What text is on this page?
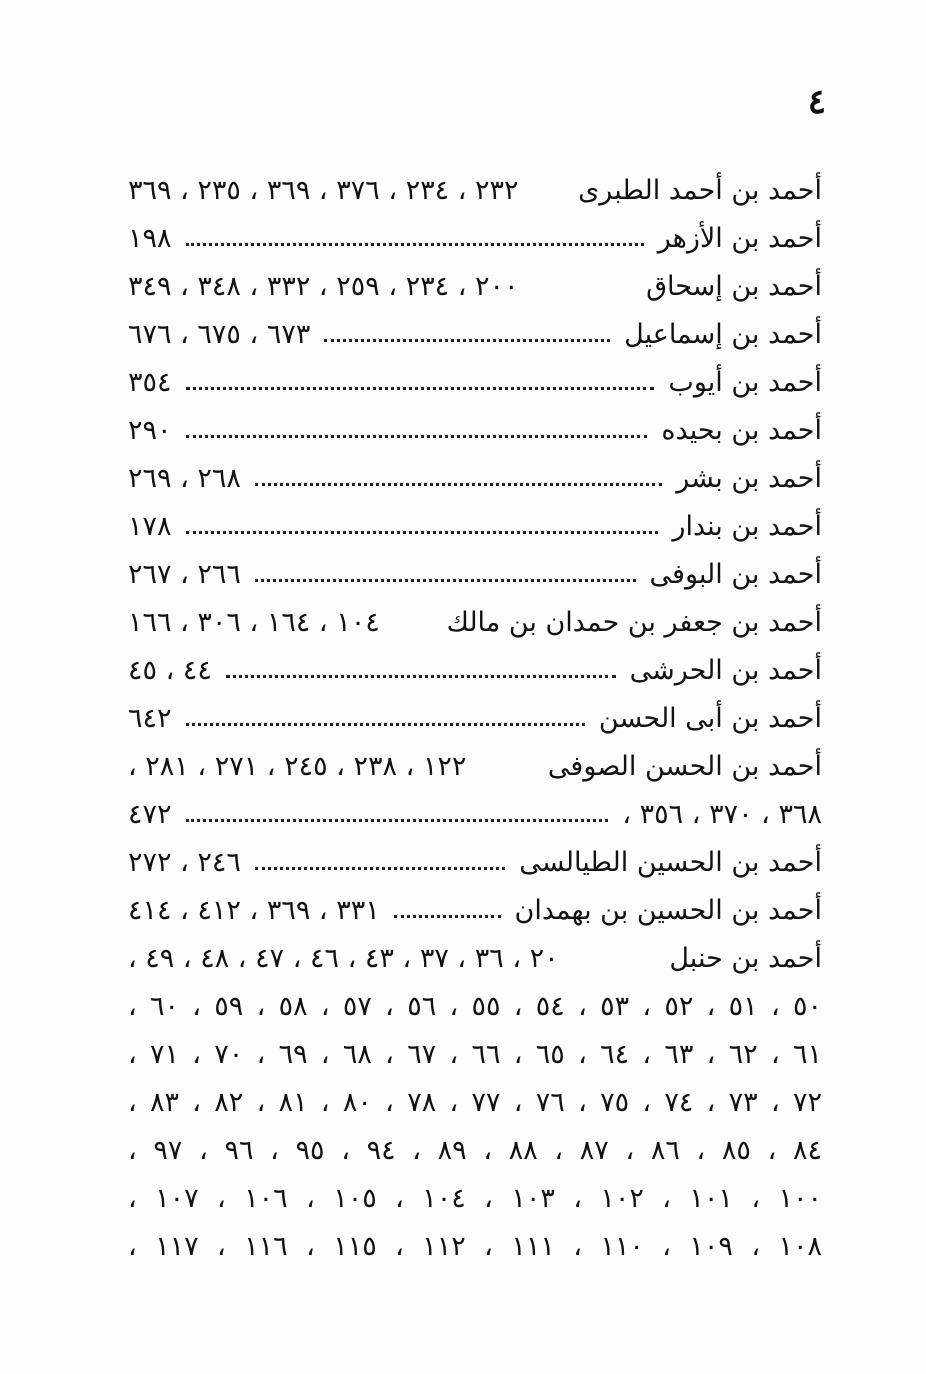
٤
أحمد بن أحمد الطبرى
٢٣٢ ، ٢٣٤ ، ٣٧٦ ، ٣٦٩ ، ٢٣٥ ، ٣٦٩
أحمد بن الأزهر
١٩٨
أحمد بن إسحاق
٢٠٠ ، ٢٣٤ ، ٢٥٩ ، ٣٣٢ ، ٣٤٨ ، ٣٤٩
أحمد بن إسماعيل
٦٧٣ ، ٦٧٥ ، ٦٧٦
أحمد بن أيوب
٣٥٤
أحمد بن بحيده
٢٩٠
أحمد بن بشر
٢٦٨ ، ٢٦٩
أحمد بن بندار
١٧٨
أحمد بن البوفى
٢٦٦ ، ٢٦٧
أحمد بن جعفر بن حمدان بن مالك
١٠٤ ، ١٦٤ ، ٣٠٦ ، ١٦٦
أحمد بن الحرشى
٤٤ ، ٤٥
أحمد بن أبى الحسن
٦٤٢
أحمد بن الحسن الصوفى
١٢٢ ، ٢٣٨ ، ٢٤٥ ، ٢٧١ ، ٢٨١ ،
٣٦٨ ، ٣٧٠ ، ٣٥٦ ،
٤٧٢
أحمد بن الحسين الطيالسى
٢٤٦ ، ٢٧٢
أحمد بن الحسين بن بهمدان
٣٣١ ، ٣٦٩ ، ٤١٢ ، ٤١٤
أحمد بن حنبل
٢٠ ، ٣٦ ، ٣٧ ، ٤٣ ، ٤٦ ، ٤٧ ، ٤٨ ، ٤٩ ،
٥٠ ، ٥١ ، ٥٢ ، ٥٣ ، ٥٤ ، ٥٥ ، ٥٦ ، ٥٧ ، ٥٨ ، ٥٩ ، ٦٠ ،
٦١ ، ٦٢ ، ٦٣ ، ٦٤ ، ٦٥ ، ٦٦ ، ٦٧ ، ٦٨ ، ٦٩ ، ٧٠ ، ٧١ ،
٧٢ ، ٧٣ ، ٧٤ ، ٧٥ ، ٧٦ ، ٧٧ ، ٧٨ ، ٨٠ ، ٨١ ، ٨٢ ، ٨٣ ،
٨٤ ، ٨٥ ، ٨٦ ، ٨٧ ، ٨٨ ، ٨٩ ، ٩٤ ، ٩٥ ، ٩٦ ، ٩٧ ،
١٠٠ ، ١٠١ ، ١٠٢ ، ١٠٣ ، ١٠٤ ، ١٠٥ ، ١٠٦ ، ١٠٧ ،
١٠٨ ، ١٠٩ ، ١١٠ ، ١١١ ، ١١٢ ، ١١٥ ، ١١٦ ، ١١٧ ،
